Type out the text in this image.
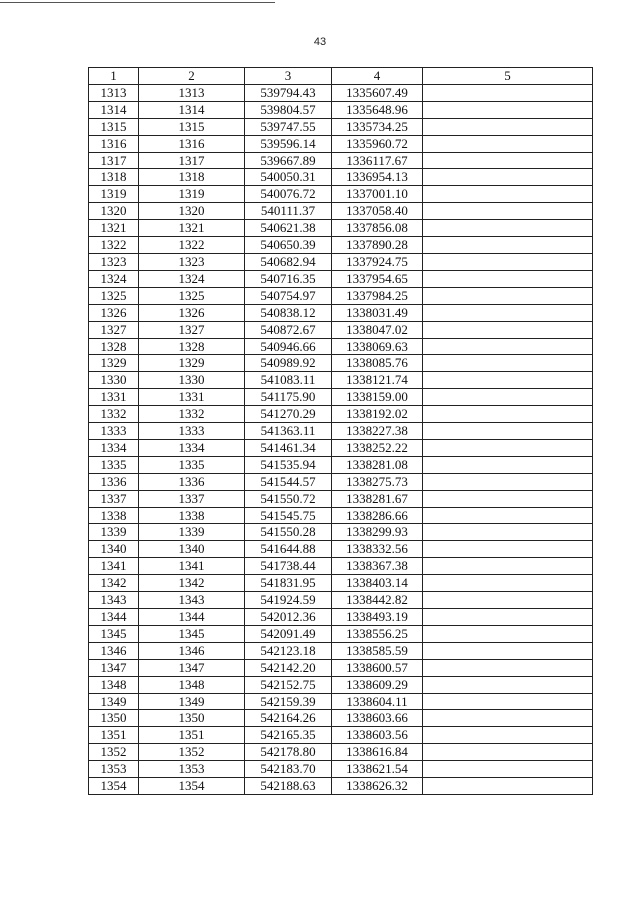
43
1	2	3	4	5
1313	1313	539794.43	1335607.49	
1314	1314	539804.57	1335648.96	
1315	1315	539747.55	1335734.25	
1316	1316	539596.14	1335960.72	
1317	1317	539667.89	1336117.67	
1318	1318	540050.31	1336954.13	
1319	1319	540076.72	1337001.10	
1320	1320	540111.37	1337058.40	
1321	1321	540621.38	1337856.08	
1322	1322	540650.39	1337890.28	
1323	1323	540682.94	1337924.75	
1324	1324	540716.35	1337954.65	
1325	1325	540754.97	1337984.25	
1326	1326	540838.12	1338031.49	
1327	1327	540872.67	1338047.02	
1328	1328	540946.66	1338069.63	
1329	1329	540989.92	1338085.76	
1330	1330	541083.11	1338121.74	
1331	1331	541175.90	1338159.00	
1332	1332	541270.29	1338192.02	
1333	1333	541363.11	1338227.38	
1334	1334	541461.34	1338252.22	
1335	1335	541535.94	1338281.08	
1336	1336	541544.57	1338275.73	
1337	1337	541550.72	1338281.67	
1338	1338	541545.75	1338286.66	
1339	1339	541550.28	1338299.93	
1340	1340	541644.88	1338332.56	
1341	1341	541738.44	1338367.38	
1342	1342	541831.95	1338403.14	
1343	1343	541924.59	1338442.82	
1344	1344	542012.36	1338493.19	
1345	1345	542091.49	1338556.25	
1346	1346	542123.18	1338585.59	
1347	1347	542142.20	1338600.57	
1348	1348	542152.75	1338609.29	
1349	1349	542159.39	1338604.11	
1350	1350	542164.26	1338603.66	
1351	1351	542165.35	1338603.56	
1352	1352	542178.80	1338616.84	
1353	1353	542183.70	1338621.54	
1354	1354	542188.63	1338626.32	
